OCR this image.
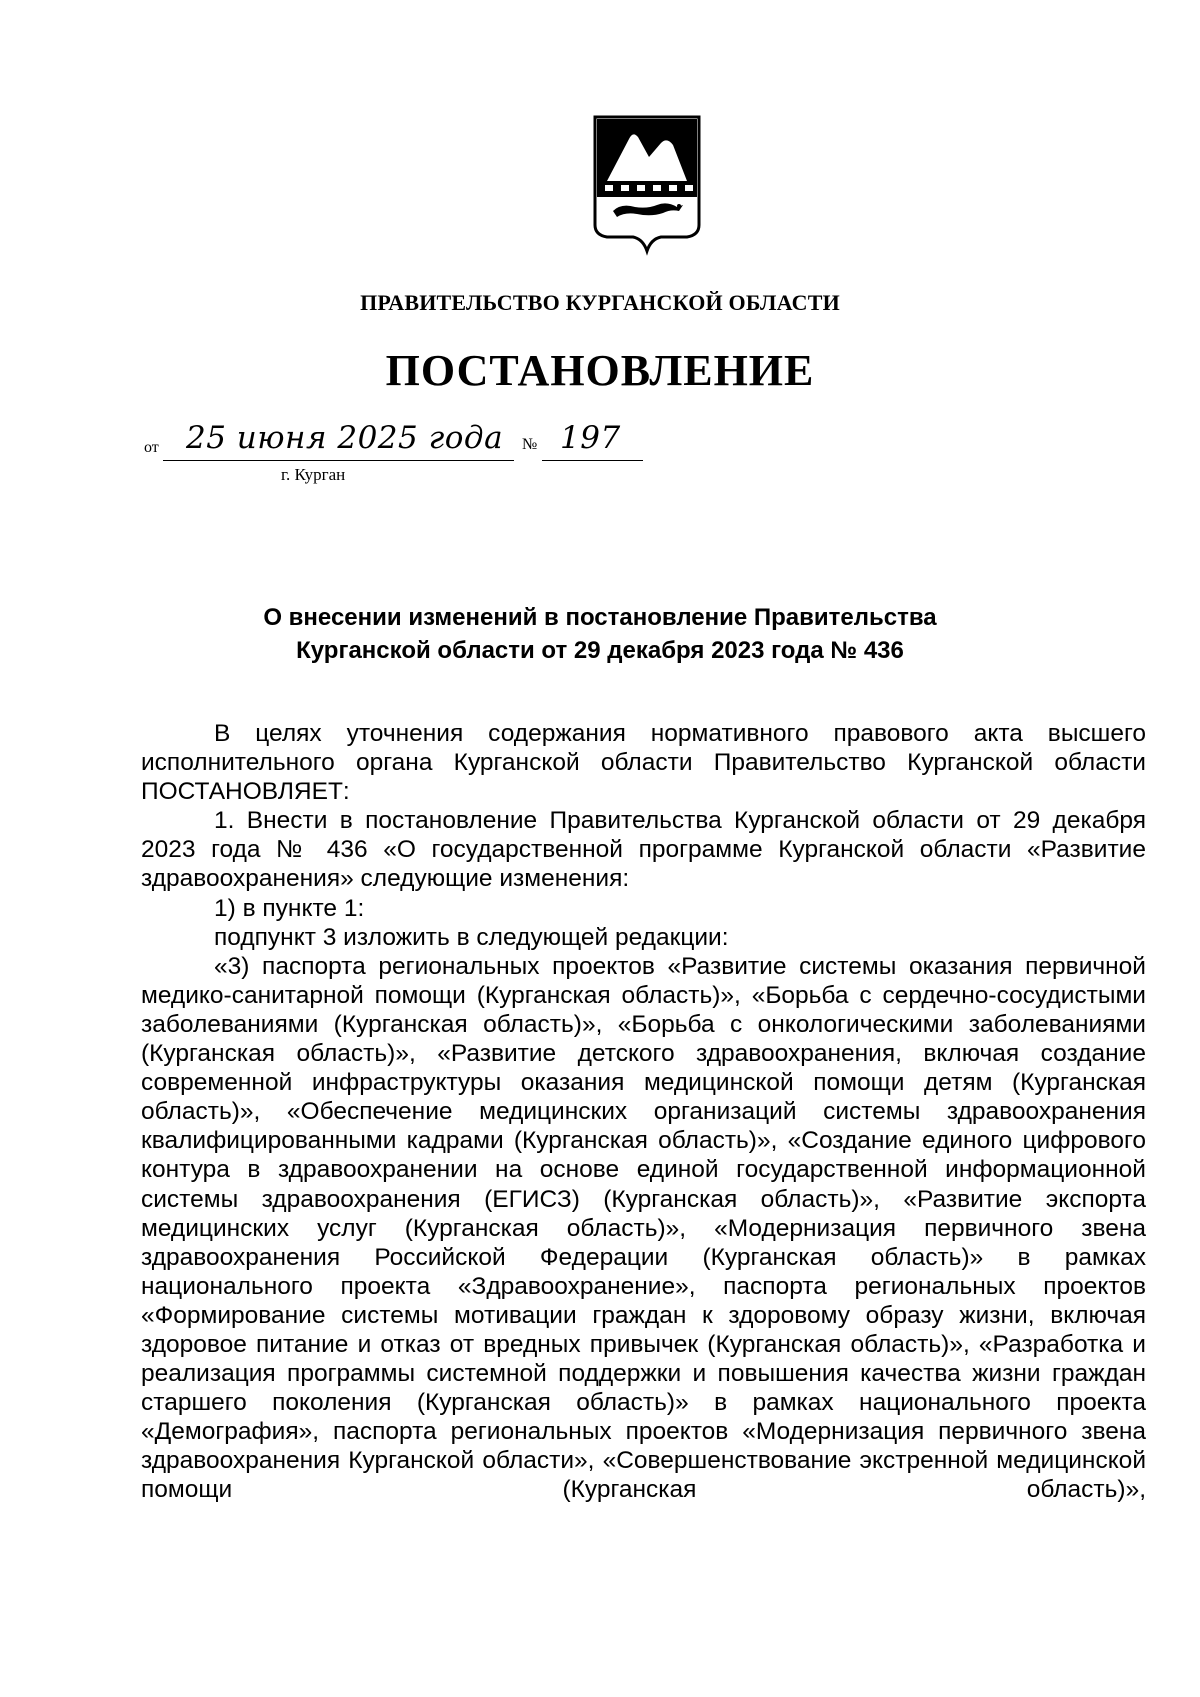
ПРАВИТЕЛЬСТВО КУРГАНСКОЙ ОБЛАСТИ
ПОСТАНОВЛЕНИЕ
от 25 июня 2025 года № 197
г. Курган
О внесении изменений в постановление Правительства
Курганской области от 29 декабря 2023 года № 436

В целях уточнения содержания нормативного правового акта высшего исполнительного органа Курганской области Правительство Курганской области ПОСТАНОВЛЯЕТ:

1. Внести в постановление Правительства Курганской области от 29 декабря 2023 года № 436 «О государственной программе Курганской области «Развитие здравоохранения» следующие изменения:

1) в пункте 1:

подпункт 3 изложить в следующей редакции:

«3) паспорта региональных проектов «Развитие системы оказания первичной медико-санитарной помощи (Курганская область)», «Борьба с сердечно-сосудистыми заболеваниями (Курганская область)», «Борьба с онкологическими заболеваниями (Курганская область)», «Развитие детского здравоохранения, включая создание современной инфраструктуры оказания медицинской помощи детям (Курганская область)», «Обеспечение медицинских организаций системы здравоохранения квалифицированными кадрами (Курганская область)», «Создание единого цифрового контура в здравоохранении на основе единой государственной информационной системы здравоохранения (ЕГИСЗ) (Курганская область)», «Развитие экспорта медицинских услуг (Курганская область)», «Модернизация первичного звена здравоохранения Российской Федерации (Курганская область)» в рамках национального проекта «Здравоохранение», паспорта региональных проектов «Формирование системы мотивации граждан к здоровому образу жизни, включая здоровое питание и отказ от вредных привычек (Курганская область)», «Разработка и реализация программы системной поддержки и повышения качества жизни граждан старшего поколения (Курганская область)» в рамках национального проекта «Демография», паспорта региональных проектов «Модернизация первичного звена здравоохранения Курганской области», «Совершенствование экстренной медицинской помощи (Курганская область)»,
